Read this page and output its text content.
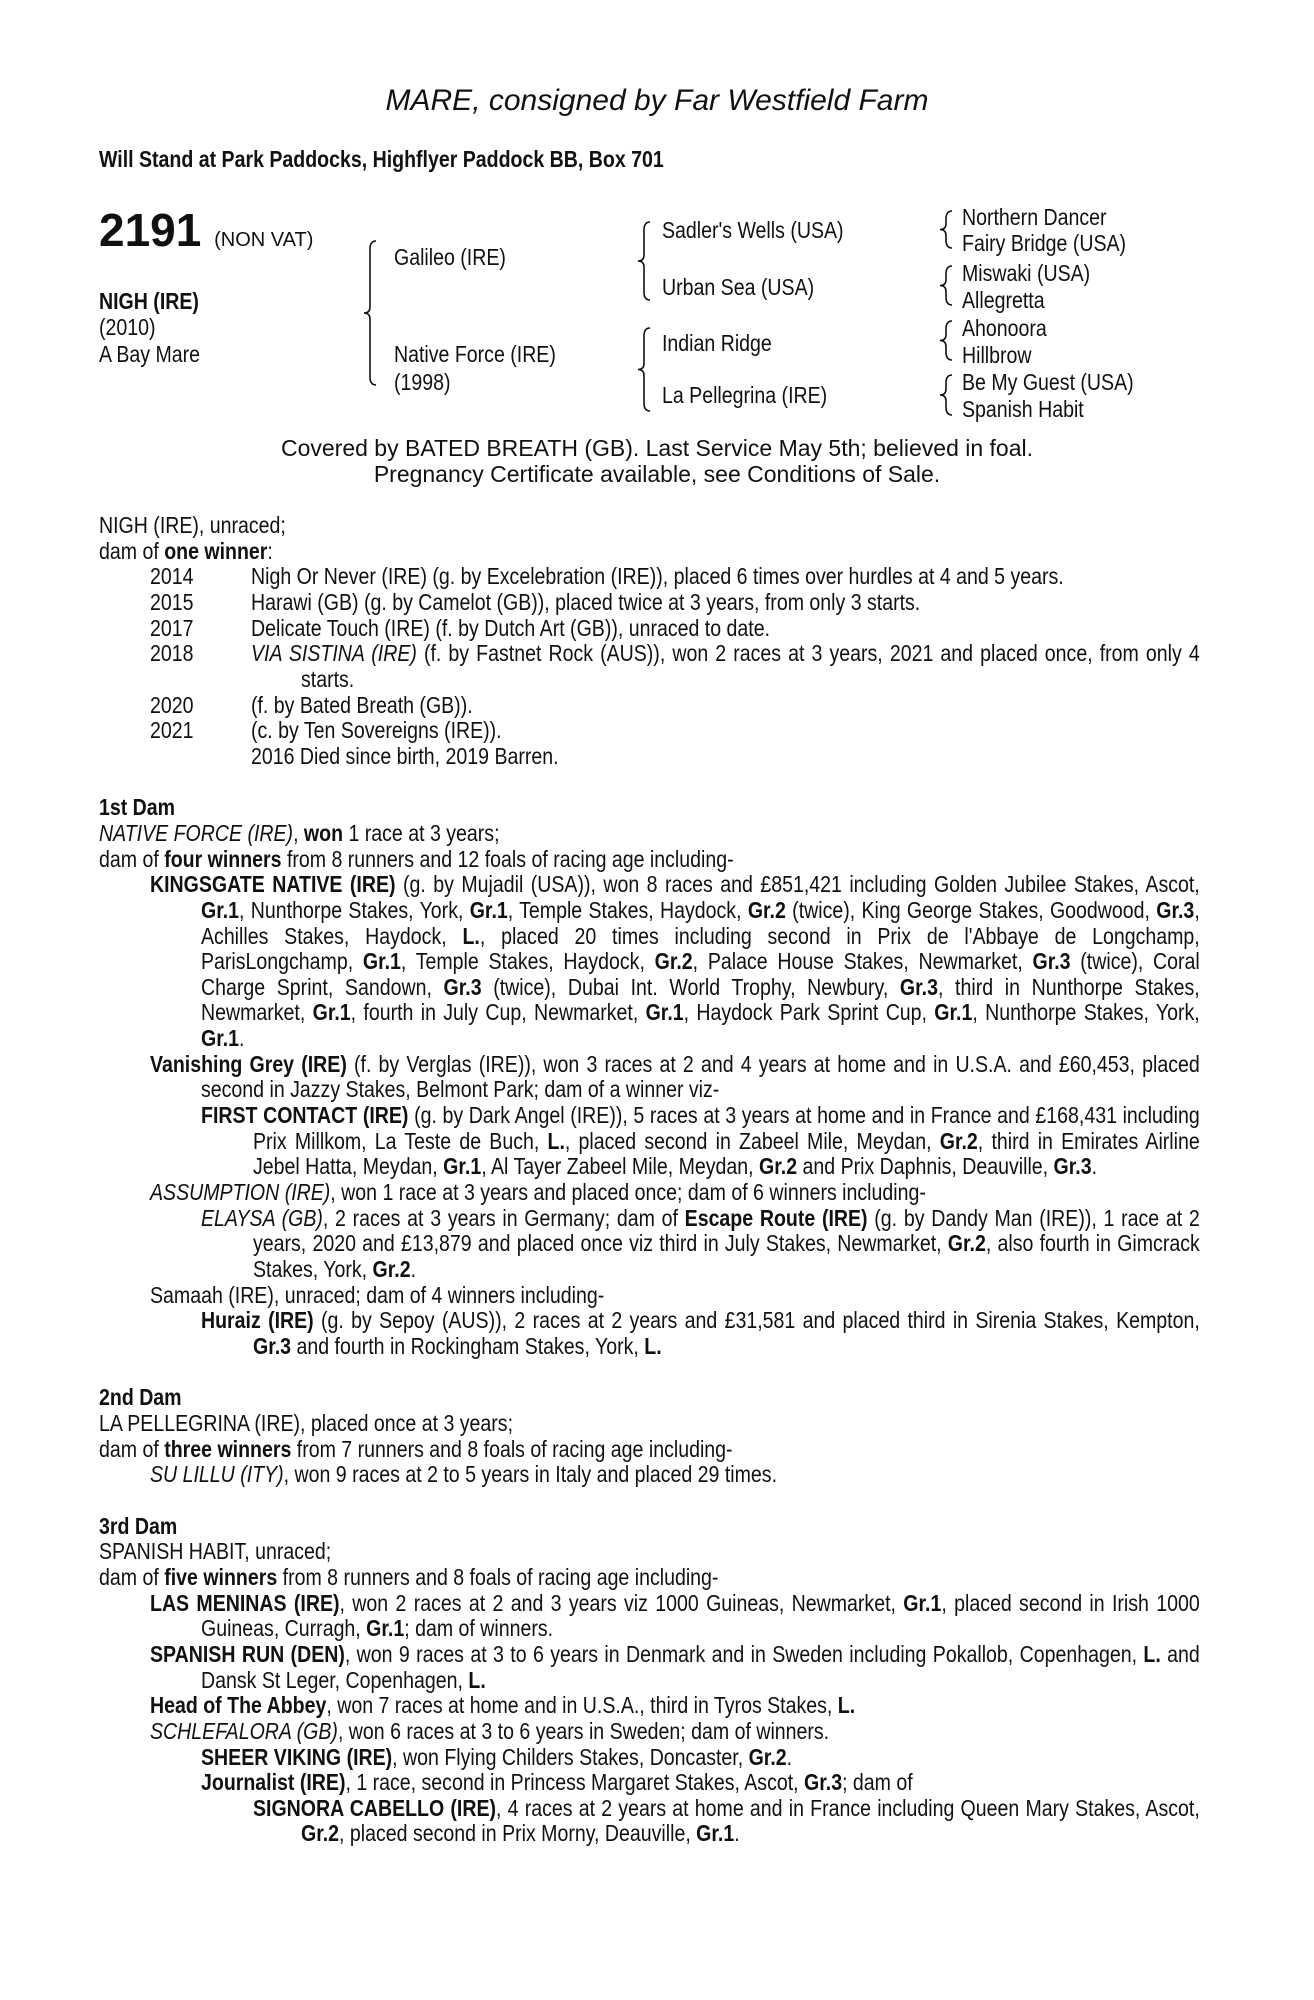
MARE, consigned by Far Westfield Farm
Will Stand at Park Paddocks, Highflyer Paddock BB, Box 701
2191 (NON VAT)
NIGH (IRE)
(2010)
A Bay Mare
Galileo (IRE)
Native Force (IRE)
(1998)
Sadler's Wells (USA)
Urban Sea (USA)
Indian Ridge
La Pellegrina (IRE)
Northern Dancer
Fairy Bridge (USA)
Miswaki (USA)
Allegretta
Ahonoora
Hillbrow
Be My Guest (USA)
Spanish Habit
Covered by BATED BREATH (GB). Last Service May 5th; believed in foal.
Pregnancy Certificate available, see Conditions of Sale.

NIGH (IRE), unraced;

dam of one winner:

2014 Nigh Or Never (IRE) (g. by Excelebration (IRE)), placed 6 times over hurdles at 4 and 5 years.

2015 Harawi (GB) (g. by Camelot (GB)), placed twice at 3 years, from only 3 starts.

2017 Delicate Touch (IRE) (f. by Dutch Art (GB)), unraced to date.

2018 VIA SISTINA (IRE) (f. by Fastnet Rock (AUS)), won 2 races at 3 years, 2021 and placed once, from only 4 starts.

2020 (f. by Bated Breath (GB)).

2021 (c. by Ten Sovereigns (IRE)).

2016 Died since birth, 2019 Barren.

1st Dam

NATIVE FORCE (IRE), won 1 race at 3 years;

dam of four winners from 8 runners and 12 foals of racing age including-

KINGSGATE NATIVE (IRE) (g. by Mujadil (USA)), won 8 races and £851,421 including Golden Jubilee Stakes, Ascot, Gr.1, Nunthorpe Stakes, York, Gr.1, Temple Stakes, Haydock, Gr.2 (twice), King George Stakes, Goodwood, Gr.3, Achilles Stakes, Haydock, L., placed 20 times including second in Prix de l'Abbaye de Longchamp, ParisLongchamp, Gr.1, Temple Stakes, Haydock, Gr.2, Palace House Stakes, Newmarket, Gr.3 (twice), Coral Charge Sprint, Sandown, Gr.3 (twice), Dubai Int. World Trophy, Newbury, Gr.3, third in Nunthorpe Stakes, Newmarket, Gr.1, fourth in July Cup, Newmarket, Gr.1, Haydock Park Sprint Cup, Gr.1, Nunthorpe Stakes, York, Gr.1.

Vanishing Grey (IRE) (f. by Verglas (IRE)), won 3 races at 2 and 4 years at home and in U.S.A. and £60,453, placed second in Jazzy Stakes, Belmont Park; dam of a winner viz-

FIRST CONTACT (IRE) (g. by Dark Angel (IRE)), 5 races at 3 years at home and in France and £168,431 including Prix Millkom, La Teste de Buch, L., placed second in Zabeel Mile, Meydan, Gr.2, third in Emirates Airline Jebel Hatta, Meydan, Gr.1, Al Tayer Zabeel Mile, Meydan, Gr.2 and Prix Daphnis, Deauville, Gr.3.

ASSUMPTION (IRE), won 1 race at 3 years and placed once; dam of 6 winners including-

ELAYSA (GB), 2 races at 3 years in Germany; dam of Escape Route (IRE) (g. by Dandy Man (IRE)), 1 race at 2 years, 2020 and £13,879 and placed once viz third in July Stakes, Newmarket, Gr.2, also fourth in Gimcrack Stakes, York, Gr.2.

Samaah (IRE), unraced; dam of 4 winners including-

Huraiz (IRE) (g. by Sepoy (AUS)), 2 races at 2 years and £31,581 and placed third in Sirenia Stakes, Kempton, Gr.3 and fourth in Rockingham Stakes, York, L.

2nd Dam

LA PELLEGRINA (IRE), placed once at 3 years;

dam of three winners from 7 runners and 8 foals of racing age including-

SU LILLU (ITY), won 9 races at 2 to 5 years in Italy and placed 29 times.

3rd Dam

SPANISH HABIT, unraced;

dam of five winners from 8 runners and 8 foals of racing age including-

LAS MENINAS (IRE), won 2 races at 2 and 3 years viz 1000 Guineas, Newmarket, Gr.1, placed second in Irish 1000 Guineas, Curragh, Gr.1; dam of winners.

SPANISH RUN (DEN), won 9 races at 3 to 6 years in Denmark and in Sweden including Pokallob, Copenhagen, L. and Dansk St Leger, Copenhagen, L.

Head of The Abbey, won 7 races at home and in U.S.A., third in Tyros Stakes, L.

SCHLEFALORA (GB), won 6 races at 3 to 6 years in Sweden; dam of winners.

SHEER VIKING (IRE), won Flying Childers Stakes, Doncaster, Gr.2.

Journalist (IRE), 1 race, second in Princess Margaret Stakes, Ascot, Gr.3; dam of

SIGNORA CABELLO (IRE), 4 races at 2 years at home and in France including Queen Mary Stakes, Ascot, Gr.2, placed second in Prix Morny, Deauville, Gr.1.
